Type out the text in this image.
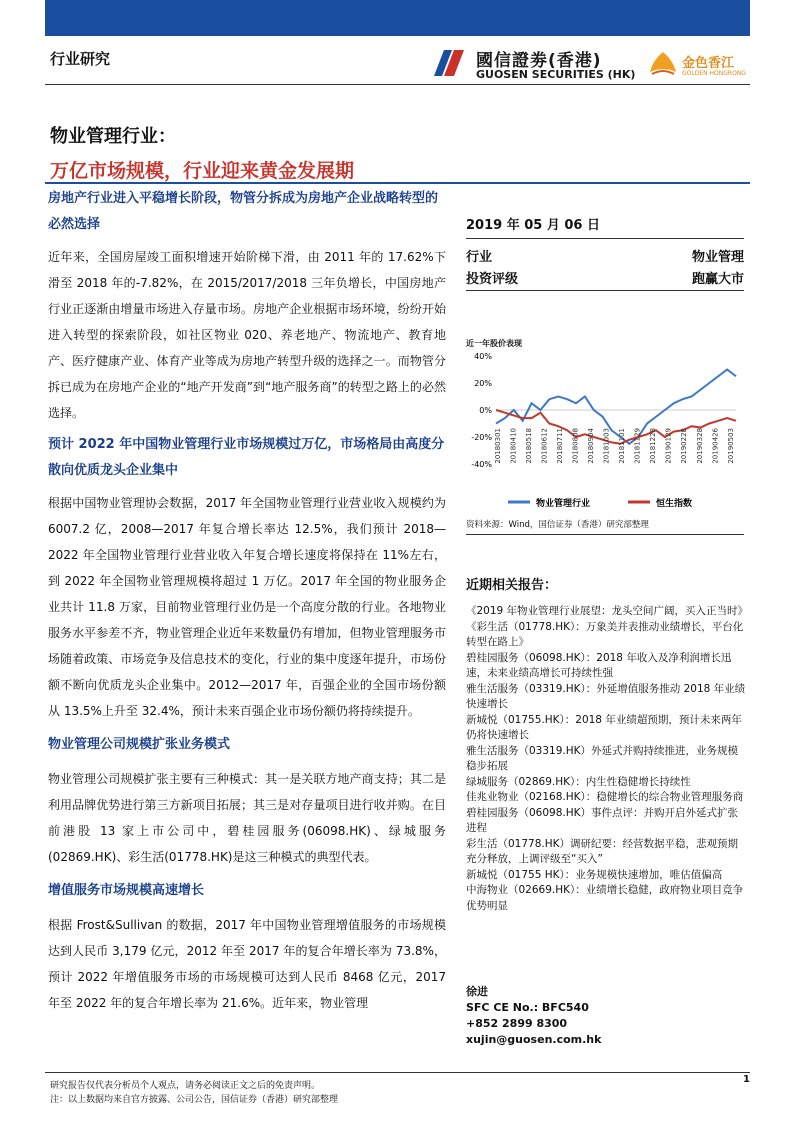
行业研究	國信證劵(香港)
GUOSEN SECURITIES (HK)
金色香江
GOLDEN HONGRONG
物业管理行业：
万亿市场规模，行业迎来黄金发展期
房地产行业进入平稳增长阶段，物管分拆成为房地产企业战略转型的必然选择
近年来，全国房屋竣工面积增速开始阶梯下滑，由 2011 年的 17.62%下滑至 2018 年的-7.82%，在 2015/2017/2018 三年负增长，中国房地产行业正逐渐由增量市场进入存量市场。房地产企业根据市场环境，纷纷开始进入转型的探索阶段，如社区物业 020、养老地产、物流地产、教育地产、医疗健康产业、体育产业等成为房地产转型升级的选择之一。而物管分拆已成为在房地产企业的“地产开发商”到“地产服务商”的转型之路上的必然选择。
预计 2022 年中国物业管理行业市场规模过万亿，市场格局由高度分散向优质龙头企业集中
根据中国物业管理协会数据，2017 年全国物业管理行业营业收入规模约为 6007.2 亿，2008—2017 年复合增长率达 12.5%，我们预计 2018—2022 年全国物业管理行业营业收入年复合增长速度将保持在 11%左右，到 2022 年全国物业管理规模将超过 1 万亿。2017 年全国的物业服务企业共计 11.8 万家，目前物业管理行业仍是一个高度分散的行业。各地物业服务水平参差不齐，物业管理企业近年来数量仍有增加，但物业管理服务市场随着政策、市场竞争及信息技术的变化，行业的集中度逐年提升，市场份额不断向优质龙头企业集中。2012—2017 年，百强企业的全国市场份额从 13.5%上升至 32.4%，预计未来百强企业市场份额仍将持续提升。
物业管理公司规模扩张业务模式
物业管理公司规模扩张主要有三种模式：其一是关联方地产商支持；其二是利用品牌优势进行第三方新项目拓展；其三是对存量项目进行收并购。在目前港股 13 家上市公司中，碧桂园服务(06098.HK)、绿城服务(02869.HK)、彩生活(01778.HK)是这三种模式的典型代表。
增值服务市场规模高速增长
根据 Frost&Sullivan 的数据，2017 年中国物业管理增值服务的市场规模达到人民币 3,179 亿元，2012 年至 2017 年的复合年增长率为 73.8%，预计 2022 年增值服务市场的市场规模可达到人民币 8468 亿元，2017 年至 2022 年的复合年增长率为 21.6%。近年来，物业管理
2019 年 05 月 06 日
行业	物业管理
投资评级	跑赢大市
近一年股价表现
40%
20%
0%
-20%
-40%
20180301 20180410 20180518 20180612 20180711 20180808 20180904 20181003 20181101 20181129 20181228 20190129 20190228 20190328 20190426 20190503
物业管理行业	恒生指数
资料来源：Wind，国信证券（香港）研究部整理
近期相关报告：
《2019 年物业管理行业展望：龙头空间广阔，买入正当时》
《彩生活（01778.HK）：万象美并表推动业绩增长，平台化转型在路上》
碧桂园服务（06098.HK）：2018 年收入及净利润增长迅速，未来业绩高增长可持续性强
雅生活服务（03319.HK）：外延增值服务推动 2018 年业绩快速增长
新城悦（01755.HK）：2018 年业绩超预期，预计未来两年仍将快速增长
雅生活服务（03319.HK）外延式并购持续推进，业务规模稳步拓展
绿城服务（02869.HK）：内生性稳健增长持续性
佳兆业物业（02168.HK）：稳健增长的综合物业管理服务商
碧桂园服务（06098.HK）事件点评：并购开启外延式扩张进程
彩生活（01778.HK）调研纪要：经营数据平稳，悲观预期充分释放，上调评级至“买入”
新城悦（01755 HK）：业务规模快速增加，唯估值偏高
中海物业（02669.HK）：业绩增长稳健，政府物业项目竞争优势明显
徐进
SFC CE No.: BFC540
+852 2899 8300
xujin@guosen.com.hk
研究报告仅代表分析员个人观点，请务必阅读正文之后的免责声明。
注：以上数据均来自官方披露、公司公告，国信证券（香港）研究部整理
1
